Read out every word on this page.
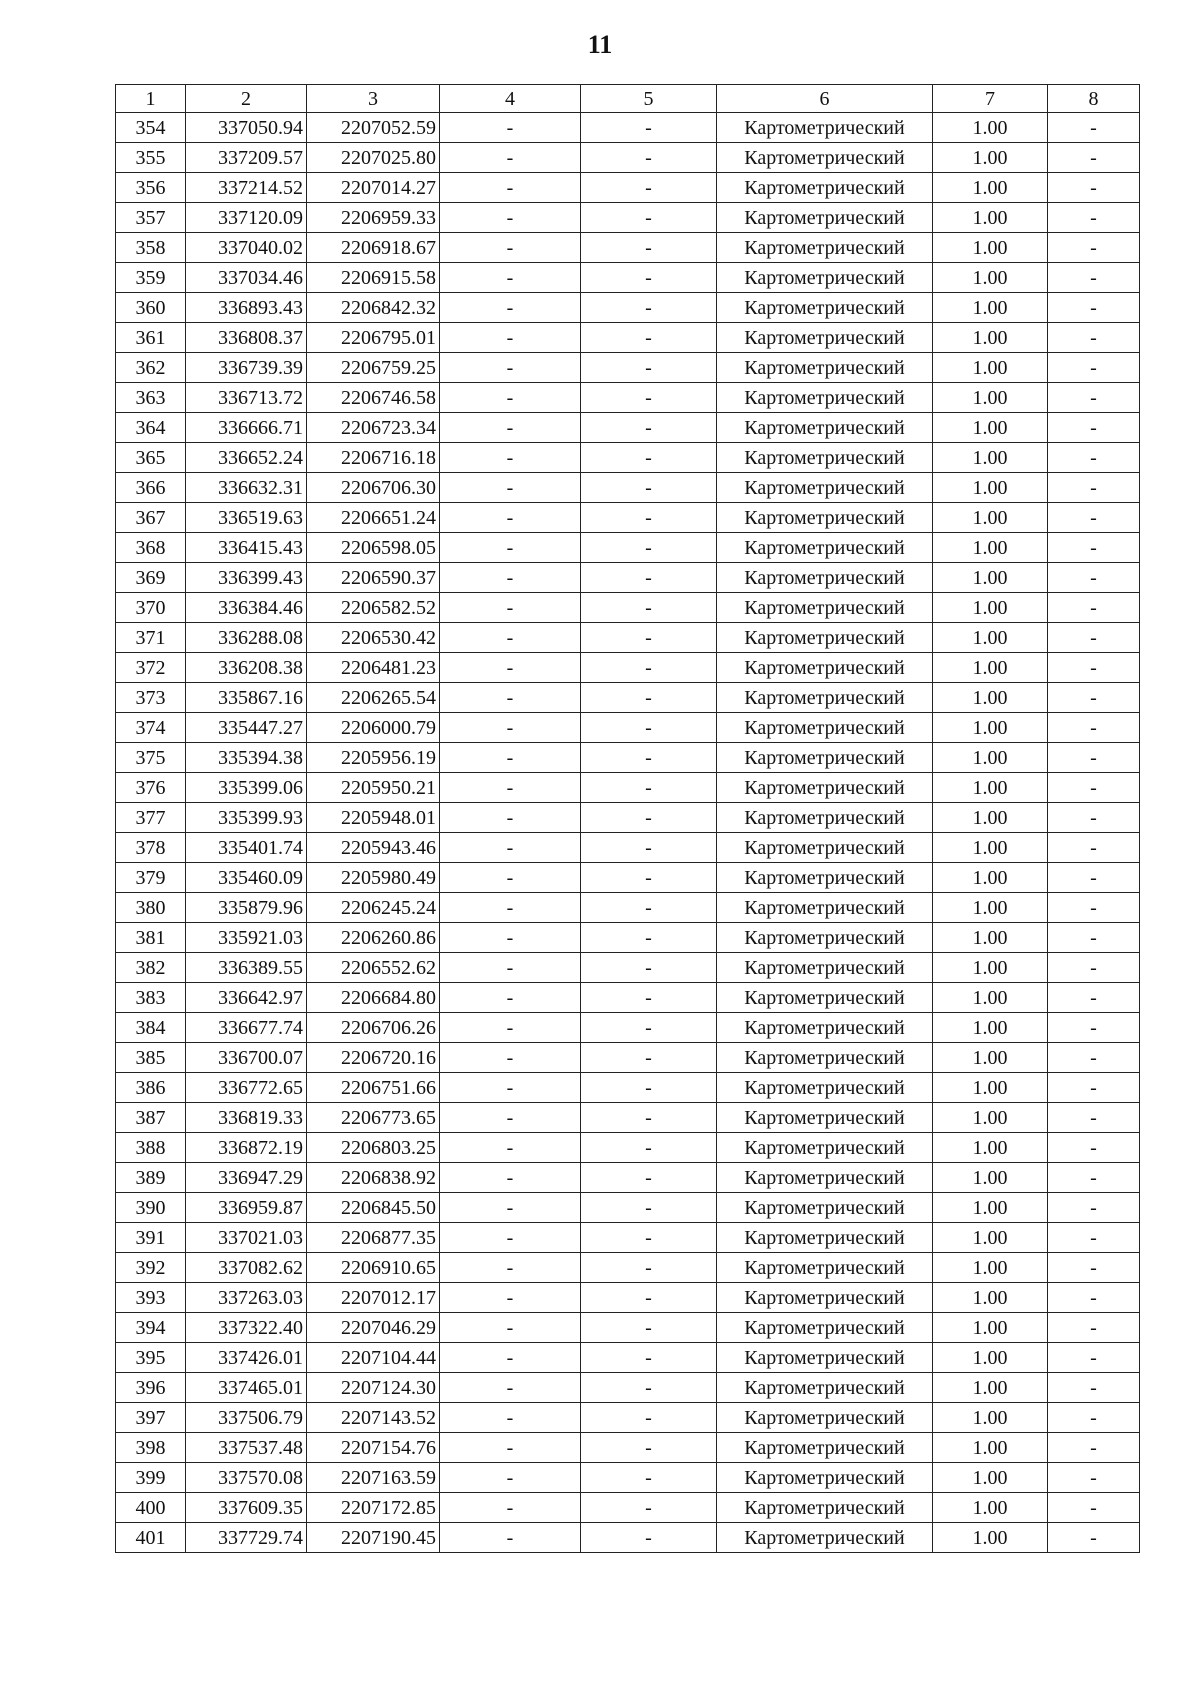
11
1	2	3	4	5	6	7	8
354	337050.94	2207052.59	-	-	Картометрический	1.00	-
355	337209.57	2207025.80	-	-	Картометрический	1.00	-
356	337214.52	2207014.27	-	-	Картометрический	1.00	-
357	337120.09	2206959.33	-	-	Картометрический	1.00	-
358	337040.02	2206918.67	-	-	Картометрический	1.00	-
359	337034.46	2206915.58	-	-	Картометрический	1.00	-
360	336893.43	2206842.32	-	-	Картометрический	1.00	-
361	336808.37	2206795.01	-	-	Картометрический	1.00	-
362	336739.39	2206759.25	-	-	Картометрический	1.00	-
363	336713.72	2206746.58	-	-	Картометрический	1.00	-
364	336666.71	2206723.34	-	-	Картометрический	1.00	-
365	336652.24	2206716.18	-	-	Картометрический	1.00	-
366	336632.31	2206706.30	-	-	Картометрический	1.00	-
367	336519.63	2206651.24	-	-	Картометрический	1.00	-
368	336415.43	2206598.05	-	-	Картометрический	1.00	-
369	336399.43	2206590.37	-	-	Картометрический	1.00	-
370	336384.46	2206582.52	-	-	Картометрический	1.00	-
371	336288.08	2206530.42	-	-	Картометрический	1.00	-
372	336208.38	2206481.23	-	-	Картометрический	1.00	-
373	335867.16	2206265.54	-	-	Картометрический	1.00	-
374	335447.27	2206000.79	-	-	Картометрический	1.00	-
375	335394.38	2205956.19	-	-	Картометрический	1.00	-
376	335399.06	2205950.21	-	-	Картометрический	1.00	-
377	335399.93	2205948.01	-	-	Картометрический	1.00	-
378	335401.74	2205943.46	-	-	Картометрический	1.00	-
379	335460.09	2205980.49	-	-	Картометрический	1.00	-
380	335879.96	2206245.24	-	-	Картометрический	1.00	-
381	335921.03	2206260.86	-	-	Картометрический	1.00	-
382	336389.55	2206552.62	-	-	Картометрический	1.00	-
383	336642.97	2206684.80	-	-	Картометрический	1.00	-
384	336677.74	2206706.26	-	-	Картометрический	1.00	-
385	336700.07	2206720.16	-	-	Картометрический	1.00	-
386	336772.65	2206751.66	-	-	Картометрический	1.00	-
387	336819.33	2206773.65	-	-	Картометрический	1.00	-
388	336872.19	2206803.25	-	-	Картометрический	1.00	-
389	336947.29	2206838.92	-	-	Картометрический	1.00	-
390	336959.87	2206845.50	-	-	Картометрический	1.00	-
391	337021.03	2206877.35	-	-	Картометрический	1.00	-
392	337082.62	2206910.65	-	-	Картометрический	1.00	-
393	337263.03	2207012.17	-	-	Картометрический	1.00	-
394	337322.40	2207046.29	-	-	Картометрический	1.00	-
395	337426.01	2207104.44	-	-	Картометрический	1.00	-
396	337465.01	2207124.30	-	-	Картометрический	1.00	-
397	337506.79	2207143.52	-	-	Картометрический	1.00	-
398	337537.48	2207154.76	-	-	Картометрический	1.00	-
399	337570.08	2207163.59	-	-	Картометрический	1.00	-
400	337609.35	2207172.85	-	-	Картометрический	1.00	-
401	337729.74	2207190.45	-	-	Картометрический	1.00	-
